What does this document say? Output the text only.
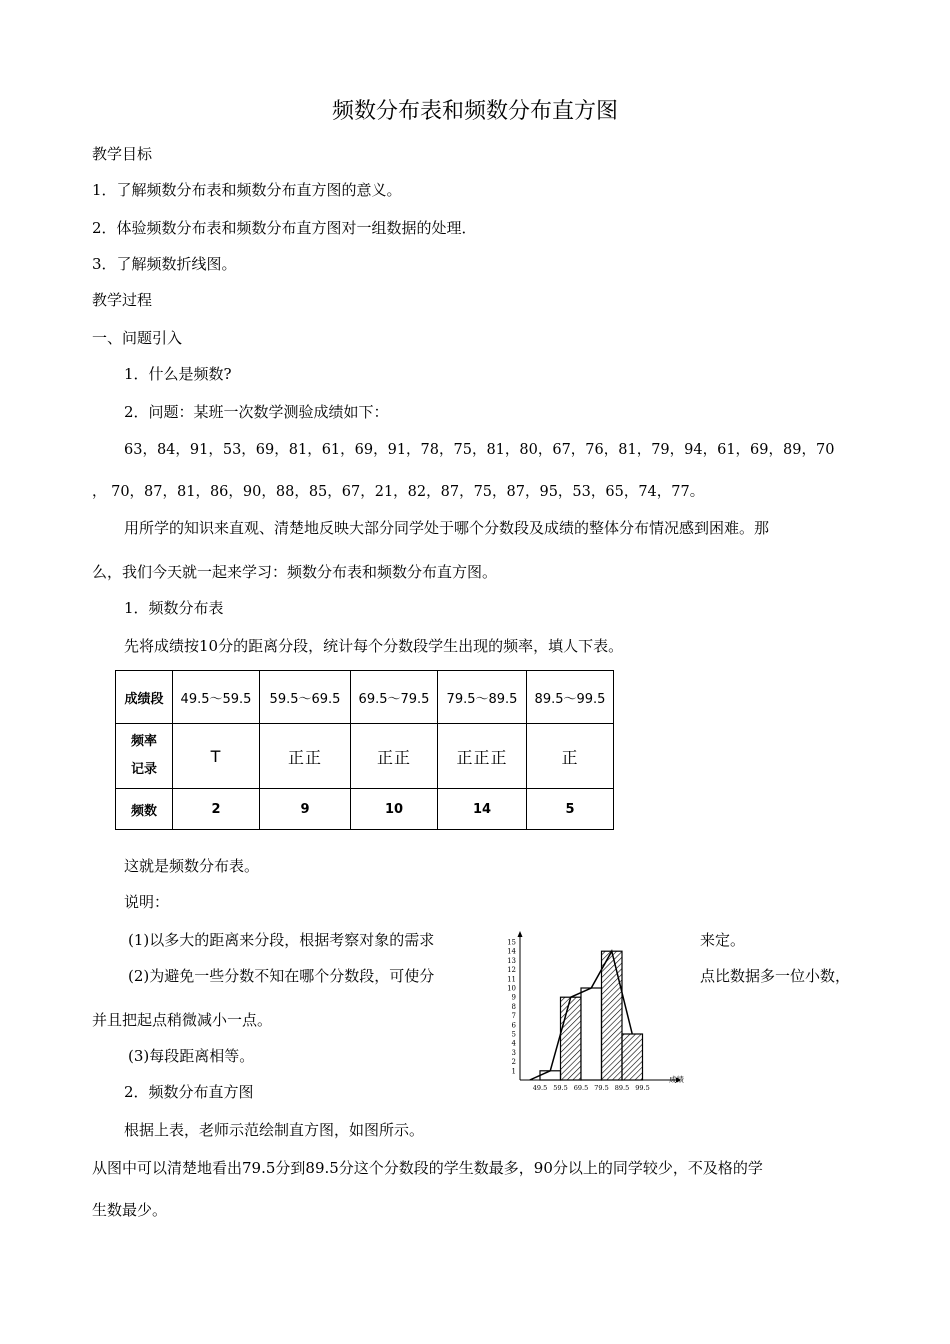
频数分布表和频数分布直方图
教学目标
1．了解频数分布表和频数分布直方图的意义。
2．体验频数分布表和频数分布直方图对一组数据的处理．
3．了解频数折线图。
教学过程
一、问题引入
1．什么是频数?
2．问题：某班一次数学测验成绩如下：
63，84，91，53，69，81，61，69，91，78，75，81，80，67，76，81，79，94，61，69，89，70
， 70，87，81，86，90，88，85，67，21，82，87，75，87，95，53，65，74，77。
用所学的知识来直观、清楚地反映大部分同学处于哪个分数段及成绩的整体分布情况感到困难。那
么，我们今天就一起来学习：频数分布表和频数分布直方图。
1．频数分布表
先将成绩按10分的距离分段，统计每个分数段学生出现的频率，填人下表。
成绩段	49.5～59.5	59.5～69.5	69.5～79.5	79.5～89.5	89.5～99.5

频率
记录	T	正正	正正	正正正	正
频数	2	9	10	14	5
这就是频数分布表。
说明：
(1)以多大的距离来分段，根据考察对象的需求	来定。
(2)为避免一些分数不知在哪个分数段，可使分	点比数据多一位小数，
并且把起点稍微减小一点。
(3)每段距离相等。
2．频数分布直方图
根据上表，老师示范绘制直方图，如图所示。
从图中可以清楚地看出79.5分到89.5分这个分数段的学生数最多，90分以上的同学较少，不及格的学
生数最少。
1
2
3
4
5
6
7
8
9
10
11
12
13
14
15
49.5 59.5 69.5 79.5 89.5 99.5
成绩
